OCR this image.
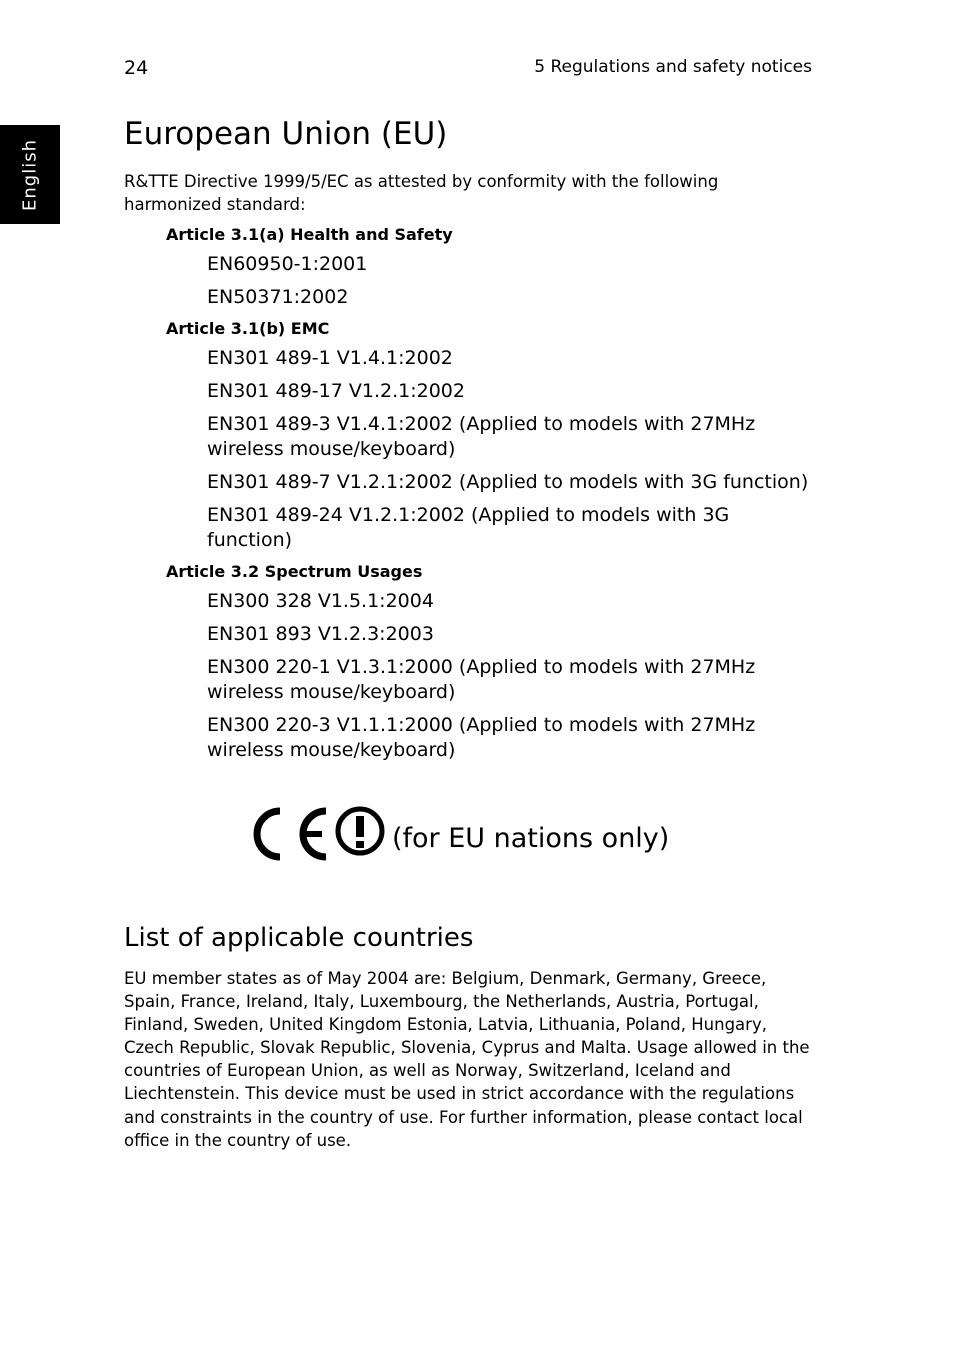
24	5 Regulations and safety notices
English
European Union (EU)

R&TTE Directive 1999/5/EC as attested by conformity with the following harmonized standard:

Article 3.1(a) Health and Safety
EN60950-1:2001
EN50371:2002
Article 3.1(b) EMC
EN301 489-1 V1.4.1:2002
EN301 489-17 V1.2.1:2002
EN301 489-3 V1.4.1:2002 (Applied to models with 27MHz wireless mouse/keyboard)
EN301 489-7 V1.2.1:2002 (Applied to models with 3G function)
EN301 489-24 V1.2.1:2002 (Applied to models with 3G function)
Article 3.2 Spectrum Usages
EN300 328 V1.5.1:2004
EN301 893 V1.2.3:2003
EN300 220-1 V1.3.1:2000 (Applied to models with 27MHz wireless mouse/keyboard)
EN300 220-3 V1.1.1:2000 (Applied to models with 27MHz wireless mouse/keyboard)
(for EU nations only)
List of applicable countries

EU member states as of May 2004 are: Belgium, Denmark, Germany, Greece, Spain, France, Ireland, Italy, Luxembourg, the Netherlands, Austria, Portugal, Finland, Sweden, United Kingdom Estonia, Latvia, Lithuania, Poland, Hungary, Czech Republic, Slovak Republic, Slovenia, Cyprus and Malta. Usage allowed in the countries of European Union, as well as Norway, Switzerland, Iceland and Liechtenstein. This device must be used in strict accordance with the regulations and constraints in the country of use. For further information, please contact local office in the country of use.
